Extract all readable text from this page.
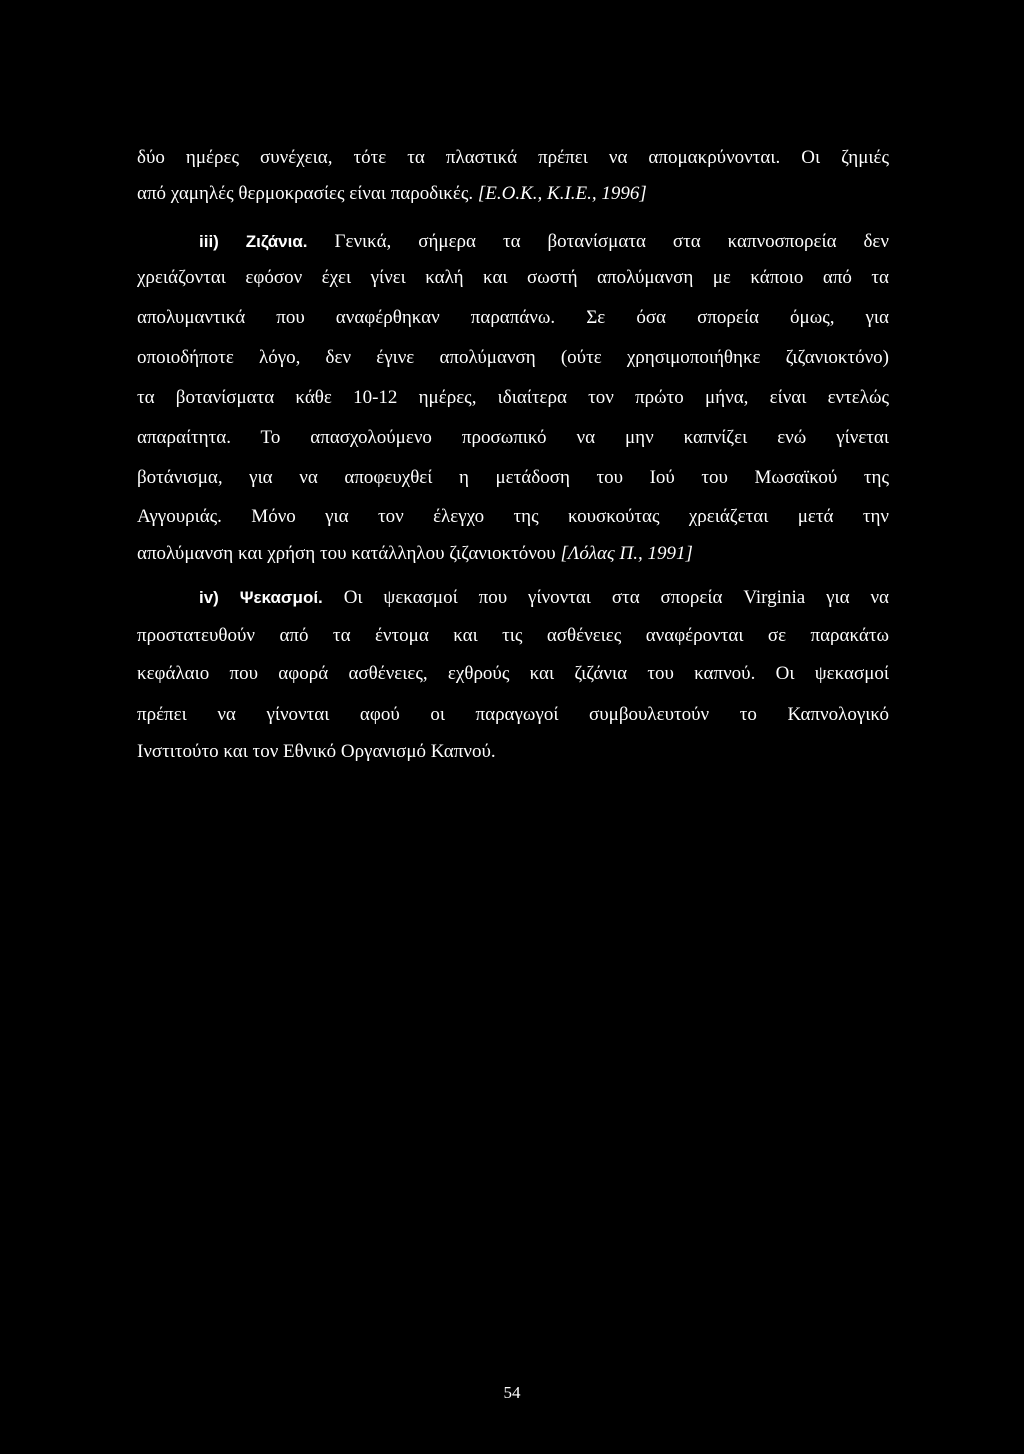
δύο ημέρες συνέχεια, τότε τα πλαστικά πρέπει να απομακρύνονται. Οι ζημιές
από χαμηλές θερμοκρασίες είναι παροδικές. [Ε.Ο.Κ., Κ.Ι.Ε., 1996]
iii) Ζιζάνια. Γενικά, σήμερα τα βοτανίσματα στα καπνοσπορεία δεν
χρειάζονται εφόσον έχει γίνει καλή και σωστή απολύμανση με κάποιο από τα
απολυμαντικά που αναφέρθηκαν παραπάνω. Σε όσα σπορεία όμως, για
οποιοδήποτε λόγο, δεν έγινε απολύμανση (ούτε χρησιμοποιήθηκε ζιζανιοκτόνο)
τα βοτανίσματα κάθε 10-12 ημέρες, ιδιαίτερα τον πρώτο μήνα, είναι εντελώς
απαραίτητα. Το απασχολούμενο προσωπικό να μην καπνίζει ενώ γίνεται
βοτάνισμα, για να αποφευχθεί η μετάδοση του Ιού του Μωσαϊκού της
Αγγουριάς. Μόνο για τον έλεγχο της κουσκούτας χρειάζεται μετά την
απολύμανση και χρήση του κατάλληλου ζιζανιοκτόνου [Λόλας Π., 1991]
iv) Ψεκασμοί. Οι ψεκασμοί που γίνονται στα σπορεία Virginia για να
προστατευθούν από τα έντομα και τις ασθένειες αναφέρονται σε παρακάτω
κεφάλαιο που αφορά ασθένειες, εχθρούς και ζιζάνια του καπνού. Οι ψεκασμοί
πρέπει να γίνονται αφού οι παραγωγοί συμβουλευτούν το Καπνολογικό
Ινστιτούτο και τον Εθνικό Οργανισμό Καπνού.
54
